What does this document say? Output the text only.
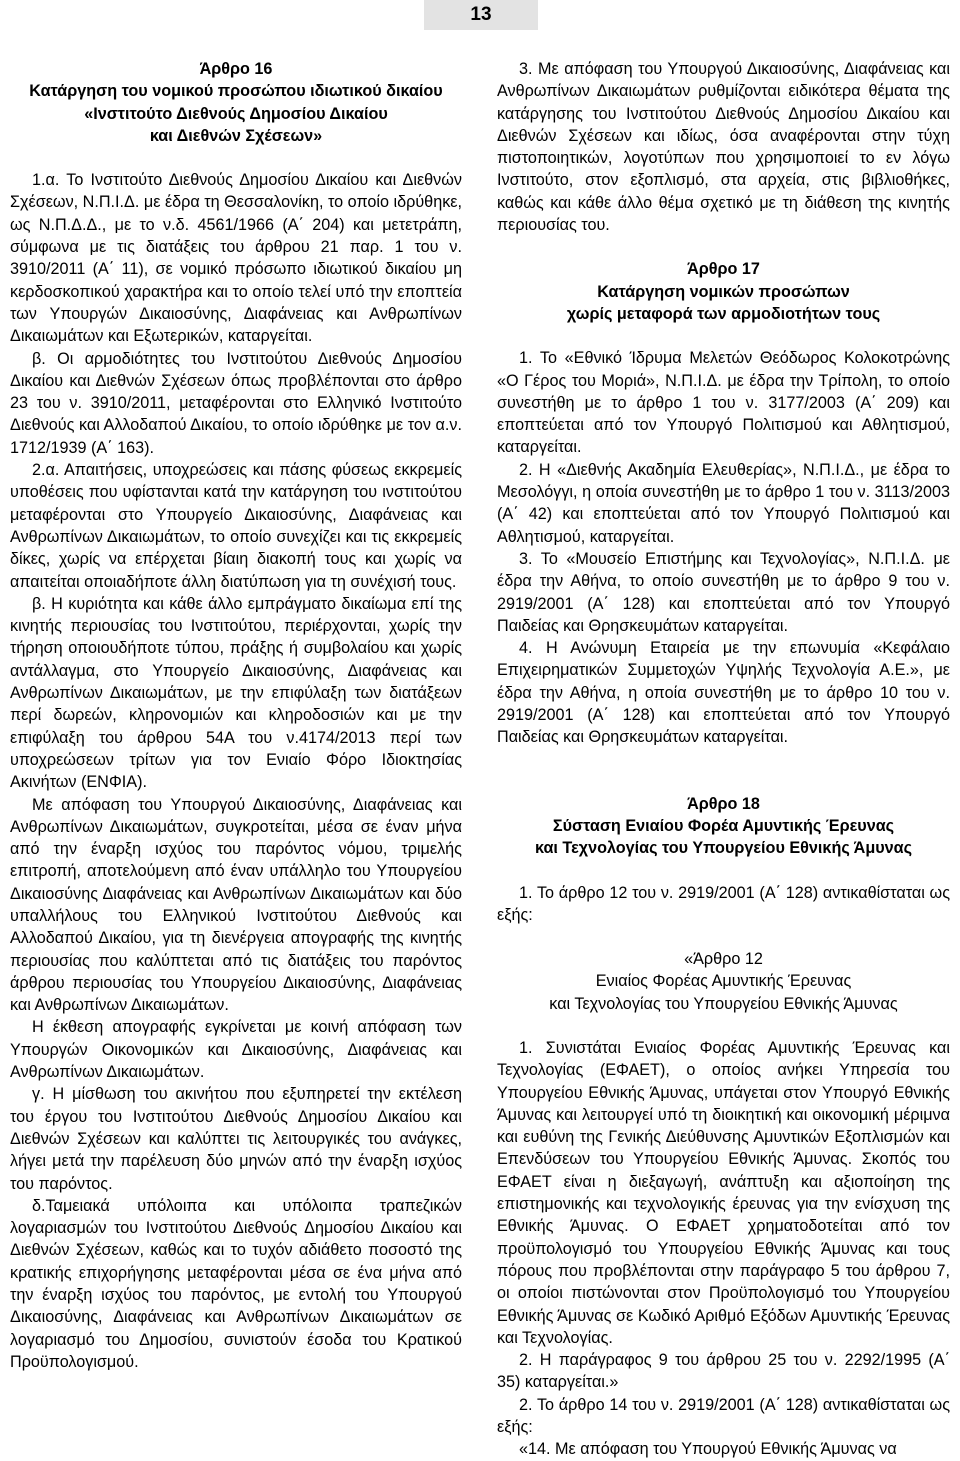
13
Άρθρο 16
Κατάργηση του νομικού προσώπου ιδιωτικού δικαίου
«Ινστιτούτο Διεθνούς Δημοσίου Δικαίου
και Διεθνών Σχέσεων»

1.α. Το Ινστιτούτο Διεθνούς Δημοσίου Δικαίου και Διεθνών Σχέσεων, Ν.Π.Ι.Δ. με έδρα τη Θεσσαλονίκη, το οποίο ιδρύθηκε, ως Ν.Π.Δ.Δ., με το ν.δ. 4561/1966 (Α΄ 204) και μετετράπη, σύμφωνα με τις διατάξεις του άρθρου 21 παρ. 1 του ν. 3910/2011 (Α΄ 11), σε νομικό πρόσωπο ιδιωτικού δικαίου μη κερδοσκοπικού χαρακτήρα και το οποίο τελεί υπό την εποπτεία των Υπουργών Δικαιοσύνης, Διαφάνειας και Ανθρωπίνων Δικαιωμάτων και Εξωτερικών, καταργείται.

β. Οι αρμοδιότητες του Ινστιτούτου Διεθνούς Δημοσίου Δικαίου και Διεθνών Σχέσεων όπως προβλέπονται στο άρθρο 23 του ν. 3910/2011, μεταφέρονται στο Ελληνικό Ινστιτούτο Διεθνούς και Αλλοδαπού Δικαίου, το οποίο ιδρύθηκε με τον α.ν. 1712/1939 (Α΄ 163).

2.α. Απαιτήσεις, υποχρεώσεις και πάσης φύσεως εκκρεμείς υποθέσεις που υφίστανται κατά την κατάργηση του ινστιτούτου μεταφέρονται στο Υπουργείο Δικαιοσύνης, Διαφάνειας και Ανθρωπίνων Δικαιωμάτων, το οποίο συνεχίζει και τις εκκρεμείς δίκες, χωρίς να επέρχεται βίαιη διακοπή τους και χωρίς να απαιτείται οποιαδήποτε άλλη διατύπωση για τη συνέχισή τους.

β. Η κυριότητα και κάθε άλλο εμπράγματο δικαίωμα επί της κινητής περιουσίας του Ινστιτούτου, περιέρχονται, χωρίς την τήρηση οποιουδήποτε τύπου, πράξης ή συμβολαίου και χωρίς αντάλλαγμα, στο Υπουργείο Δικαιοσύνης, Διαφάνειας και Ανθρωπίνων Δικαιωμάτων, με την επιφύλαξη των διατάξεων περί δωρεών, κληρονομιών και κληροδοσιών και με την επιφύλαξη του άρθρου 54Α του ν.4174/2013 περί των υποχρεώσεων τρίτων για τον Ενιαίο Φόρο Ιδιοκτησίας Ακινήτων (ΕΝΦΙΑ).

Με απόφαση του Υπουργού Δικαιοσύνης, Διαφάνειας και Ανθρωπίνων Δικαιωμάτων, συγκροτείται, μέσα σε έναν μήνα από την έναρξη ισχύος του παρόντος νόμου, τριμελής επιτροπή, αποτελούμενη από έναν υπάλληλο του Υπουργείου Δικαιοσύνης Διαφάνειας και Ανθρωπίνων Δικαιωμάτων και δύο υπαλλήλους του Ελληνικού Ινστιτούτου Διεθνούς και Αλλοδαπού Δικαίου, για τη διενέργεια απογραφής της κινητής περιουσίας που καλύπτεται από τις διατάξεις του παρόντος άρθρου περιουσίας του Υπουργείου Δικαιοσύνης, Διαφάνειας και Ανθρωπίνων Δικαιωμάτων.

Η έκθεση απογραφής εγκρίνεται με κοινή απόφαση των Υπουργών Οικονομικών και Δικαιοσύνης, Διαφάνειας και Ανθρωπίνων Δικαιωμάτων.

γ. Η μίσθωση του ακινήτου που εξυπηρετεί την εκτέλεση του έργου του Ινστιτούτου Διεθνούς Δημοσίου Δικαίου και Διεθνών Σχέσεων και καλύπτει τις λειτουργικές του ανάγκες, λήγει μετά την παρέλευση δύο μηνών από την έναρξη ισχύος του παρόντος.

δ.Ταμειακά υπόλοιπα και υπόλοιπα τραπεζικών λογαριασμών του Ινστιτούτου Διεθνούς Δημοσίου Δικαίου και Διεθνών Σχέσεων, καθώς και το τυχόν αδιάθετο ποσοστό της κρατικής επιχορήγησης μεταφέρονται μέσα σε ένα μήνα από την έναρξη ισχύος του παρόντος, με εντολή του Υπουργού Δικαιοσύνης, Διαφάνειας και Ανθρωπίνων Δικαιωμάτων σε λογαριασμό του Δημοσίου, συνιστούν έσοδα του Κρατικού Προϋπολογισμού.

3. Με απόφαση του Υπουργού Δικαιοσύνης, Διαφάνειας και Ανθρωπίνων Δικαιωμάτων ρυθμίζονται ειδικότερα θέματα της κατάργησης του Ινστιτούτου Διεθνούς Δημοσίου Δικαίου και Διεθνών Σχέσεων και ιδίως, όσα αναφέρονται στην τύχη πιστοποιητικών, λογοτύπων που χρησιμοποιεί το εν λόγω Ινστιτούτο, στον εξοπλισμό, στα αρχεία, στις βιβλιοθήκες, καθώς και κάθε άλλο θέμα σχετικό με τη διάθεση της κινητής περιουσίας του.

Άρθρο 17
Κατάργηση νομικών προσώπων
χωρίς μεταφορά των αρμοδιοτήτων τους

1. Το «Εθνικό Ίδρυμα Μελετών Θεόδωρος Κολοκοτρώνης «Ο Γέρος του Μοριά», Ν.Π.Ι.Δ. με έδρα την Τρίπολη, το οποίο συνεστήθη με το άρθρο 1 του ν. 3177/2003 (Α΄ 209) και εποπτεύεται από τον Υπουργό Πολιτισμού και Αθλητισμού, καταργείται.

2. Η «Διεθνής Ακαδημία Ελευθερίας», Ν.Π.Ι.Δ., με έδρα το Μεσολόγγι, η οποία συνεστήθη με το άρθρο 1 του ν. 3113/2003 (Α΄ 42) και εποπτεύεται από τον Υπουργό Πολιτισμού και Αθλητισμού, καταργείται.

3. Το «Μουσείο Επιστήμης και Τεχνολογίας», Ν.Π.Ι.Δ. με έδρα την Αθήνα, το οποίο συνεστήθη με το άρθρο 9 του ν. 2919/2001 (Α΄ 128) και εποπτεύεται από τον Υπουργό Παιδείας και Θρησκευμάτων καταργείται.

4. Η Ανώνυμη Εταιρεία με την επωνυμία «Κεφάλαιο Επιχειρηματικών Συμμετοχών Υψηλής Τεχνολογία Α.Ε.», με έδρα την Αθήνα, η οποία συνεστήθη με το άρθρο 10 του ν. 2919/2001 (Α΄ 128) και εποπτεύεται από τον Υπουργό Παιδείας και Θρησκευμάτων καταργείται.

Άρθρο 18
Σύσταση Ενιαίου Φορέα Αμυντικής Έρευνας
και Τεχνολογίας του Υπουργείου Εθνικής Άμυνας

1. Το άρθρο 12 του ν. 2919/2001 (Α΄ 128) αντικαθίσταται ως εξής:

«Άρθρο 12
Ενιαίος Φορέας Αμυντικής Έρευνας
και Τεχνολογίας του Υπουργείου Εθνικής Άμυνας

1. Συνιστάται Ενιαίος Φορέας Αμυντικής Έρευνας και Τεχνολογίας (ΕΦΑΕΤ), ο οποίος ανήκει Υπηρεσία του Υπουργείου Εθνικής Άμυνας, υπάγεται στον Υπουργό Εθνικής Άμυνας και λειτουργεί υπό τη διοικητική και οικονομική μέριμνα και ευθύνη της Γενικής Διεύθυνσης Αμυντικών Εξοπλισμών και Επενδύσεων του Υπουργείου Εθνικής Άμυνας. Σκοπός του ΕΦΑΕΤ είναι η διεξαγωγή, ανάπτυξη και αξιοποίηση της επιστημονικής και τεχνολογικής έρευνας για την ενίσχυση της Εθνικής Άμυνας. Ο ΕΦΑΕΤ χρηματοδοτείται από τον προϋπολογισμό του Υπουργείου Εθνικής Άμυνας και τους πόρους που προβλέπονται στην παράγραφο 5 του άρθρου 7, οι οποίοι πιστώνονται στον Προϋπολογισμό του Υπουργείου Εθνικής Άμυνας σε Κωδικό Αριθμό Εξόδων Αμυντικής Έρευνας και Τεχνολογίας.

2. Η παράγραφος 9 του άρθρου 25 του ν. 2292/1995 (Α΄ 35) καταργείται.»

2. Το άρθρο 14 του ν. 2919/2001 (Α΄ 128) αντικαθίσταται ως εξής:

«14. Με απόφαση του Υπουργού Εθνικής Άμυνας να
